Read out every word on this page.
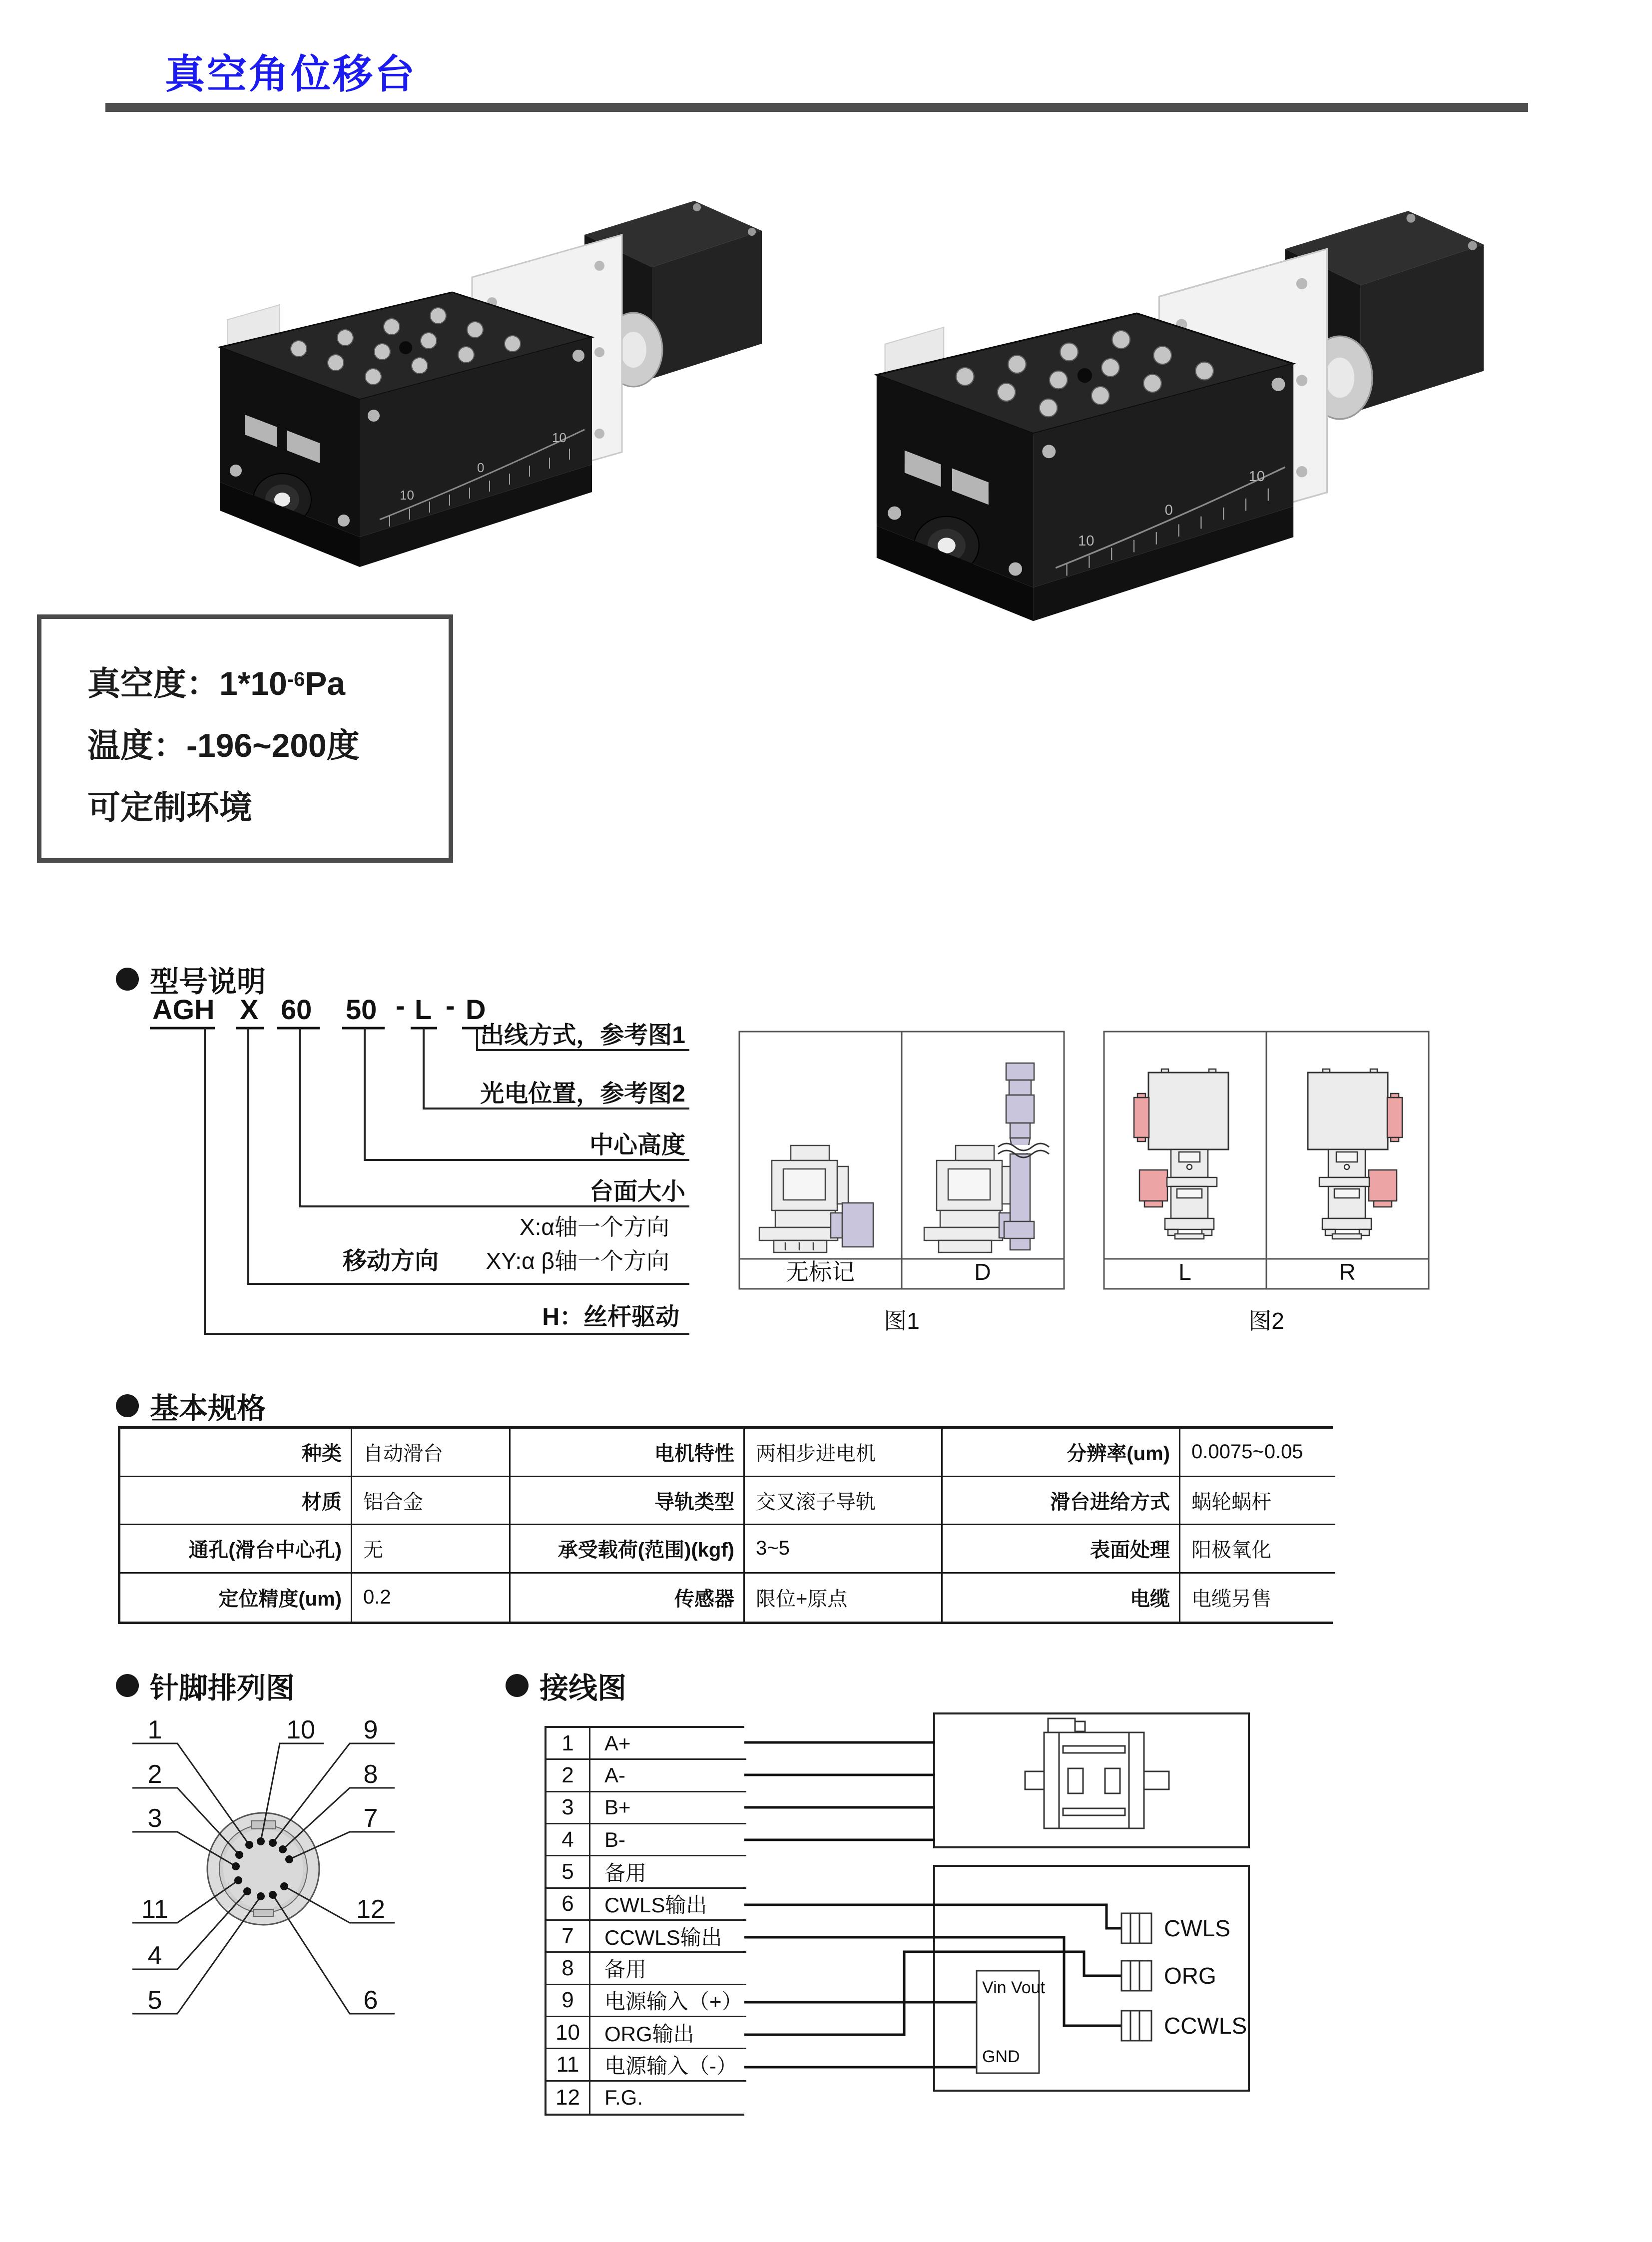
真空角位移台
真空度：$1*10^{-6}Pa$
温度：-196~200度
可定制环境
型号说明
AGH X 60 50 - L - D
出线方式，参考图1
光电位置，参考图2
中心高度
台面大小
X:α轴一个方向
移动方向 XY:α β轴一个方向
H：丝杆驱动
无标记	D
图1
L	R
图2
基本规格
种类	自动滑台	电机特性	两相步进电机	分辨率(um)	0.0075~0.05
材质	铝合金	导轨类型	交叉滚子导轨	滑台进给方式	蜗轮蜗杆
通孔(滑台中心孔)	无	承受载荷(范围)(kgf)	3~5	表面处理	阳极氧化
定位精度(um)	0.2	传感器	限位+原点	电缆	电缆另售
针脚排列图
1
2
3
11
4
5
10 9
8
7
12
6
接线图
1	A+
2	A-
3	B+
4	B-
5	备用
6	CWLS输出
7	CCWLS输出
8	备用
9	电源输入（+）
10	ORG输出
11	电源输入（-）
12	F.G.
Vin Vout
GND
CWLS
ORG
CCWLS
